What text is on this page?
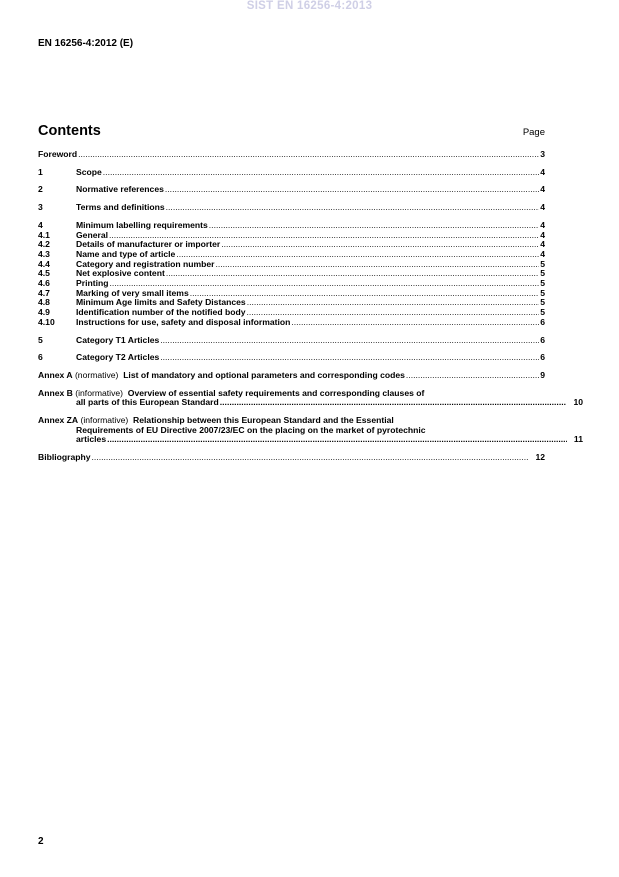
SIST EN 16256-4:2013
EN 16256-4:2012 (E)
Contents	Page
Foreword .....	3
1	Scope .....	4
2	Normative references .....	4
3	Terms and definitions .....	4
4	Minimum labelling requirements .....	4
4.1	General .....	4
4.2	Details of manufacturer or importer .....	4
4.3	Name and type of article .....	4
4.4	Category and registration number .....	5
4.5	Net explosive content .....	5
4.6	Printing .....	5
4.7	Marking of very small items .....	5
4.8	Minimum Age limits and Safety Distances .....	5
4.9	Identification number of the notified body .....	5
4.10	Instructions for use, safety and disposal information .....	6
5	Category T1 Articles .....	6
6	Category T2 Articles .....	6
Annex A
(normative)
List of mandatory and optional parameters and corresponding codes .....	9
Annex B
(informative)
Overview of essential safety requirements and corresponding clauses of
all parts of this European Standard .....	10
Annex ZA
(informative)
Relationship between this European Standard and the Essential
Requirements of EU Directive 2007/23/EC on the placing on the market of pyrotechnic
articles .....	11
Bibliography .....	12
2
